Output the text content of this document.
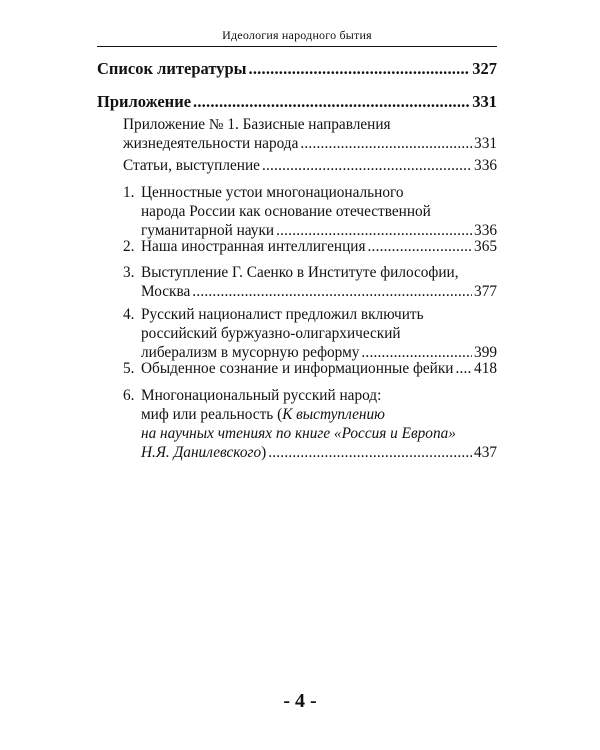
Идеология народного бытия
Список литературы .....	327
Приложение .....	331
Приложение № 1. Базисные направления
жизнедеятельности народа .....	331
Статьи, выступление .....	336
1. Ценностные устои многонационального
народа России как основание отечественной
гуманитарной науки .....	336
2. Наша иностранная интеллигенция .....	365
3. Выступление Г. Саенко в Институте философии,
Москва .....	377
4. Русский националист предложил включить
российский буржуазно-олигархический
либерализм в мусорную реформу .....	399
5. Обыденное сознание и информационные фейки ..... 418
6. Многонациональный русский народ:
миф или реальность (К выступлению
на научных чтениях по книге «Россия и Европа»
Н.Я. Данилевского) .....	437
- 4 -
